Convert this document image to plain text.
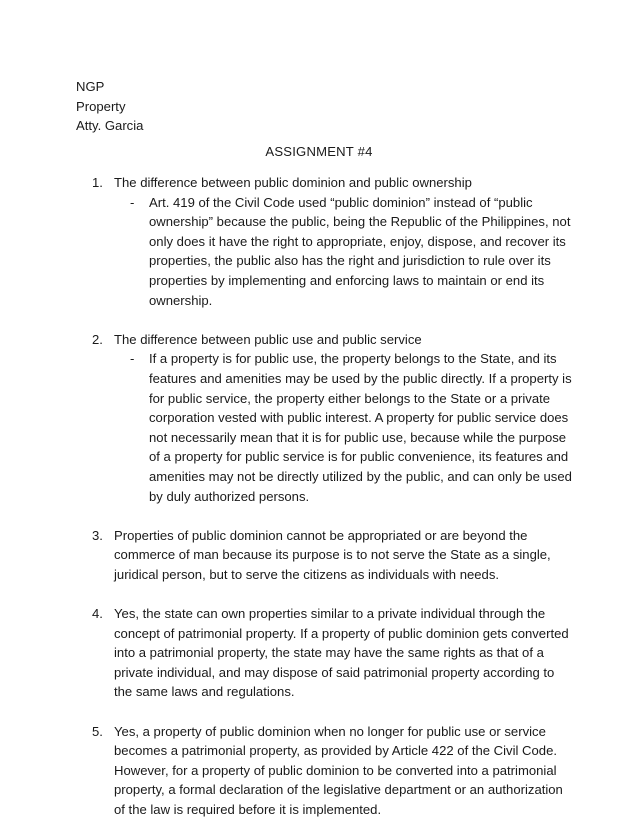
NGP
Property
Atty. Garcia
ASSIGNMENT #4
1. The difference between public dominion and public ownership
- Art. 419 of the Civil Code used “public dominion” instead of “public ownership” because the public, being the Republic of the Philippines, not only does it have the right to appropriate, enjoy, dispose, and recover its properties, the public also has the right and jurisdiction to rule over its properties by implementing and enforcing laws to maintain or end its ownership.
2. The difference between public use and public service
- If a property is for public use, the property belongs to the State, and its features and amenities may be used by the public directly. If a property is for public service, the property either belongs to the State or a private corporation vested with public interest. A property for public service does not necessarily mean that it is for public use, because while the purpose of a property for public service is for public convenience, its features and amenities may not be directly utilized by the public, and can only be used by duly authorized persons.
3. Properties of public dominion cannot be appropriated or are beyond the commerce of man because its purpose is to not serve the State as a single, juridical person, but to serve the citizens as individuals with needs.
4. Yes, the state can own properties similar to a private individual through the concept of patrimonial property. If a property of public dominion gets converted into a patrimonial property, the state may have the same rights as that of a private individual, and may dispose of said patrimonial property according to the same laws and regulations.
5. Yes, a property of public dominion when no longer for public use or service becomes a patrimonial property, as provided by Article 422 of the Civil Code. However, for a property of public dominion to be converted into a patrimonial property, a formal declaration of the legislative department or an authorization of the law is required before it is implemented.
